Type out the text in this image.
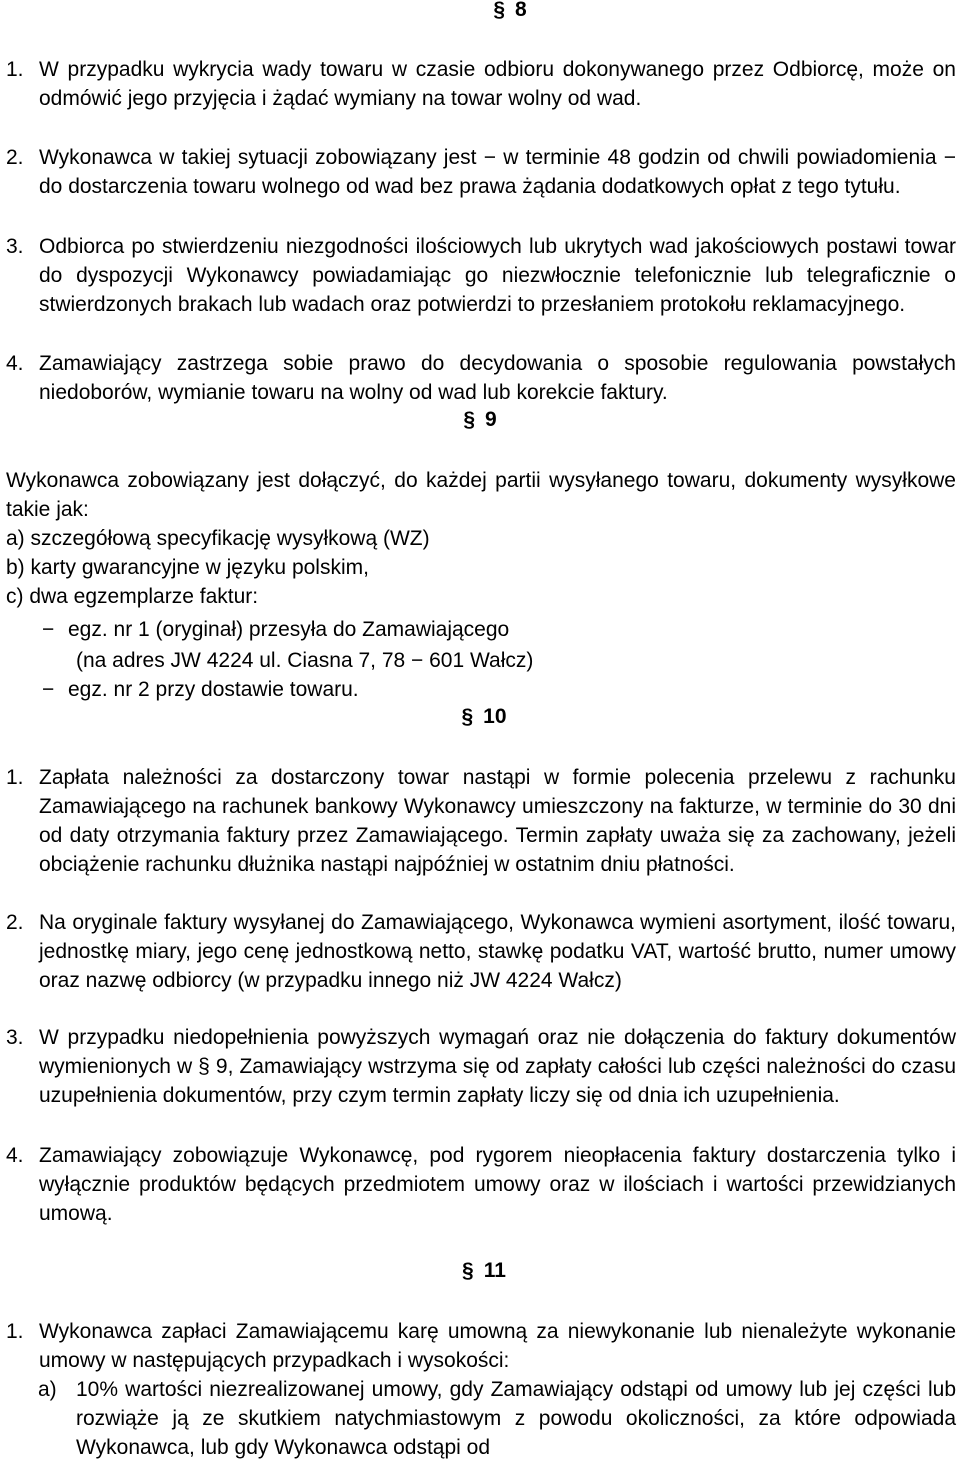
§ 8
1. W przypadku wykrycia wady towaru w czasie odbioru dokonywanego przez Odbiorcę, może on odmówić jego przyjęcia i żądać wymiany na towar wolny od wad.
2. Wykonawca w takiej sytuacji zobowiązany jest − w terminie 48 godzin od chwili powiadomienia − do dostarczenia towaru wolnego od wad bez prawa żądania dodatkowych opłat z tego tytułu.
3. Odbiorca po stwierdzeniu niezgodności ilościowych lub ukrytych wad jakościowych postawi towar do dyspozycji Wykonawcy powiadamiając go niezwłocznie telefonicznie lub telegraficznie o stwierdzonych brakach lub wadach oraz potwierdzi to przesłaniem protokołu reklamacyjnego.
4. Zamawiający zastrzega sobie prawo do decydowania o sposobie regulowania powstałych niedoborów, wymianie towaru na wolny od wad lub korekcie faktury.
§ 9
Wykonawca zobowiązany jest dołączyć, do każdej partii wysyłanego towaru, dokumenty wysyłkowe takie jak:
a) szczegółową specyfikację wysyłkową (WZ)
b) karty gwarancyjne w języku polskim,
c) dwa egzemplarze faktur:
− egz. nr 1 (oryginał) przesyła do Zamawiającego
(na adres JW 4224 ul. Ciasna 7, 78 − 601 Wałcz)
− egz. nr 2 przy dostawie towaru.
§ 10
1. Zapłata należności za dostarczony towar nastąpi w formie polecenia przelewu z rachunku Zamawiającego na rachunek bankowy Wykonawcy umieszczony na fakturze, w terminie do 30 dni od daty otrzymania faktury przez Zamawiającego. Termin zapłaty uważa się za zachowany, jeżeli obciążenie rachunku dłużnika nastąpi najpóźniej w ostatnim dniu płatności.
2. Na oryginale faktury wysyłanej do Zamawiającego, Wykonawca wymieni asortyment, ilość towaru, jednostkę miary, jego cenę jednostkową netto, stawkę podatku VAT, wartość brutto, numer umowy oraz nazwę odbiorcy (w przypadku innego niż JW 4224 Wałcz)
3. W przypadku niedopełnienia powyższych wymagań oraz nie dołączenia do faktury dokumentów wymienionych w § 9, Zamawiający wstrzyma się od zapłaty całości lub części należności do czasu uzupełnienia dokumentów, przy czym termin zapłaty liczy się od dnia ich uzupełnienia.
4. Zamawiający zobowiązuje Wykonawcę, pod rygorem nieopłacenia faktury dostarczenia tylko i wyłącznie produktów będących przedmiotem umowy oraz w ilościach i wartości przewidzianych umową.
§ 11
1. Wykonawca zapłaci Zamawiającemu karę umowną za niewykonanie lub nienależyte wykonanie umowy w następujących przypadkach i wysokości:
a) 10% wartości niezrealizowanej umowy, gdy Zamawiający odstąpi od umowy lub jej części lub rozwiąże ją ze skutkiem natychmiastowym z powodu okoliczności, za które odpowiada Wykonawca, lub gdy Wykonawca odstąpi od
